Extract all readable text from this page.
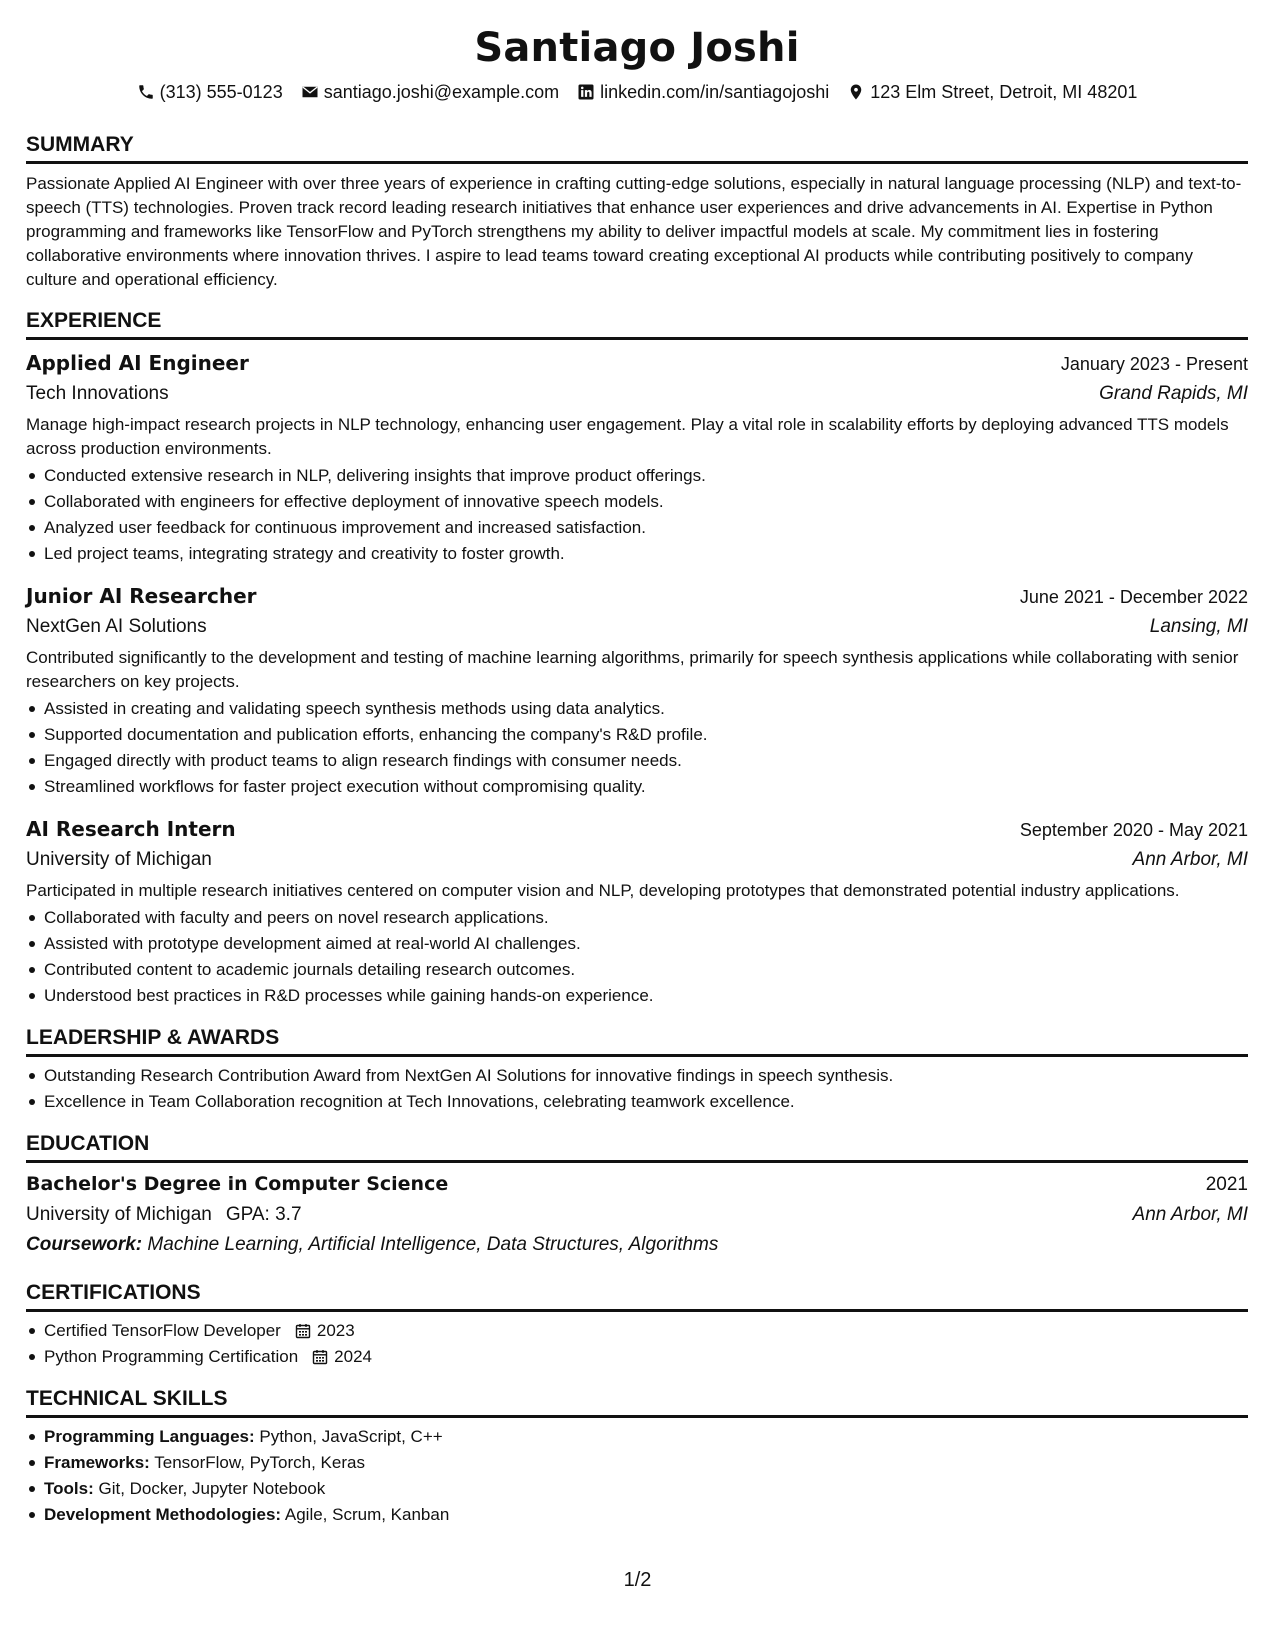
Santiago Joshi
(313) 555-0123 santiago.joshi@example.com linkedin.com/in/santiagojoshi 123 Elm Street, Detroit, MI 48201
SUMMARY

Passionate Applied AI Engineer with over three years of experience in crafting cutting-edge solutions, especially in natural language processing (NLP) and text-to-speech (TTS) technologies. Proven track record leading research initiatives that enhance user experiences and drive advancements in AI. Expertise in Python programming and frameworks like TensorFlow and PyTorch strengthens my ability to deliver impactful models at scale. My commitment lies in fostering collaborative environments where innovation thrives. I aspire to lead teams toward creating exceptional AI products while contributing positively to company culture and operational efficiency.

EXPERIENCE
Applied AI Engineer	January 2023 - Present
Tech Innovations	Grand Rapids, MI
Manage high-impact research projects in NLP technology, enhancing user engagement. Play a vital role in scalability efforts by deploying advanced TTS models across production environments.
Conducted extensive research in NLP, delivering insights that improve product offerings.
Collaborated with engineers for effective deployment of innovative speech models.
Analyzed user feedback for continuous improvement and increased satisfaction.
Led project teams, integrating strategy and creativity to foster growth.
Junior AI Researcher	June 2021 - December 2022
NextGen AI Solutions	Lansing, MI
Contributed significantly to the development and testing of machine learning algorithms, primarily for speech synthesis applications while collaborating with senior researchers on key projects.
Assisted in creating and validating speech synthesis methods using data analytics.
Supported documentation and publication efforts, enhancing the company's R&D profile.
Engaged directly with product teams to align research findings with consumer needs.
Streamlined workflows for faster project execution without compromising quality.
AI Research Intern	September 2020 - May 2021
University of Michigan	Ann Arbor, MI
Participated in multiple research initiatives centered on computer vision and NLP, developing prototypes that demonstrated potential industry applications.
Collaborated with faculty and peers on novel research applications.
Assisted with prototype development aimed at real-world AI challenges.
Contributed content to academic journals detailing research outcomes.
Understood best practices in R&D processes while gaining hands-on experience.
LEADERSHIP & AWARDS
Outstanding Research Contribution Award from NextGen AI Solutions for innovative findings in speech synthesis.
Excellence in Team Collaboration recognition at Tech Innovations, celebrating teamwork excellence.
EDUCATION
Bachelor's Degree in Computer Science	2021
University of Michigan GPA: 3.7	Ann Arbor, MI
Coursework: Machine Learning, Artificial Intelligence, Data Structures, Algorithms
CERTIFICATIONS
Certified TensorFlow Developer 2023
Python Programming Certification 2024
TECHNICAL SKILLS
Programming Languages: Python, JavaScript, C++
Frameworks: TensorFlow, PyTorch, Keras
Tools: Git, Docker, Jupyter Notebook
Development Methodologies: Agile, Scrum, Kanban
1/2
